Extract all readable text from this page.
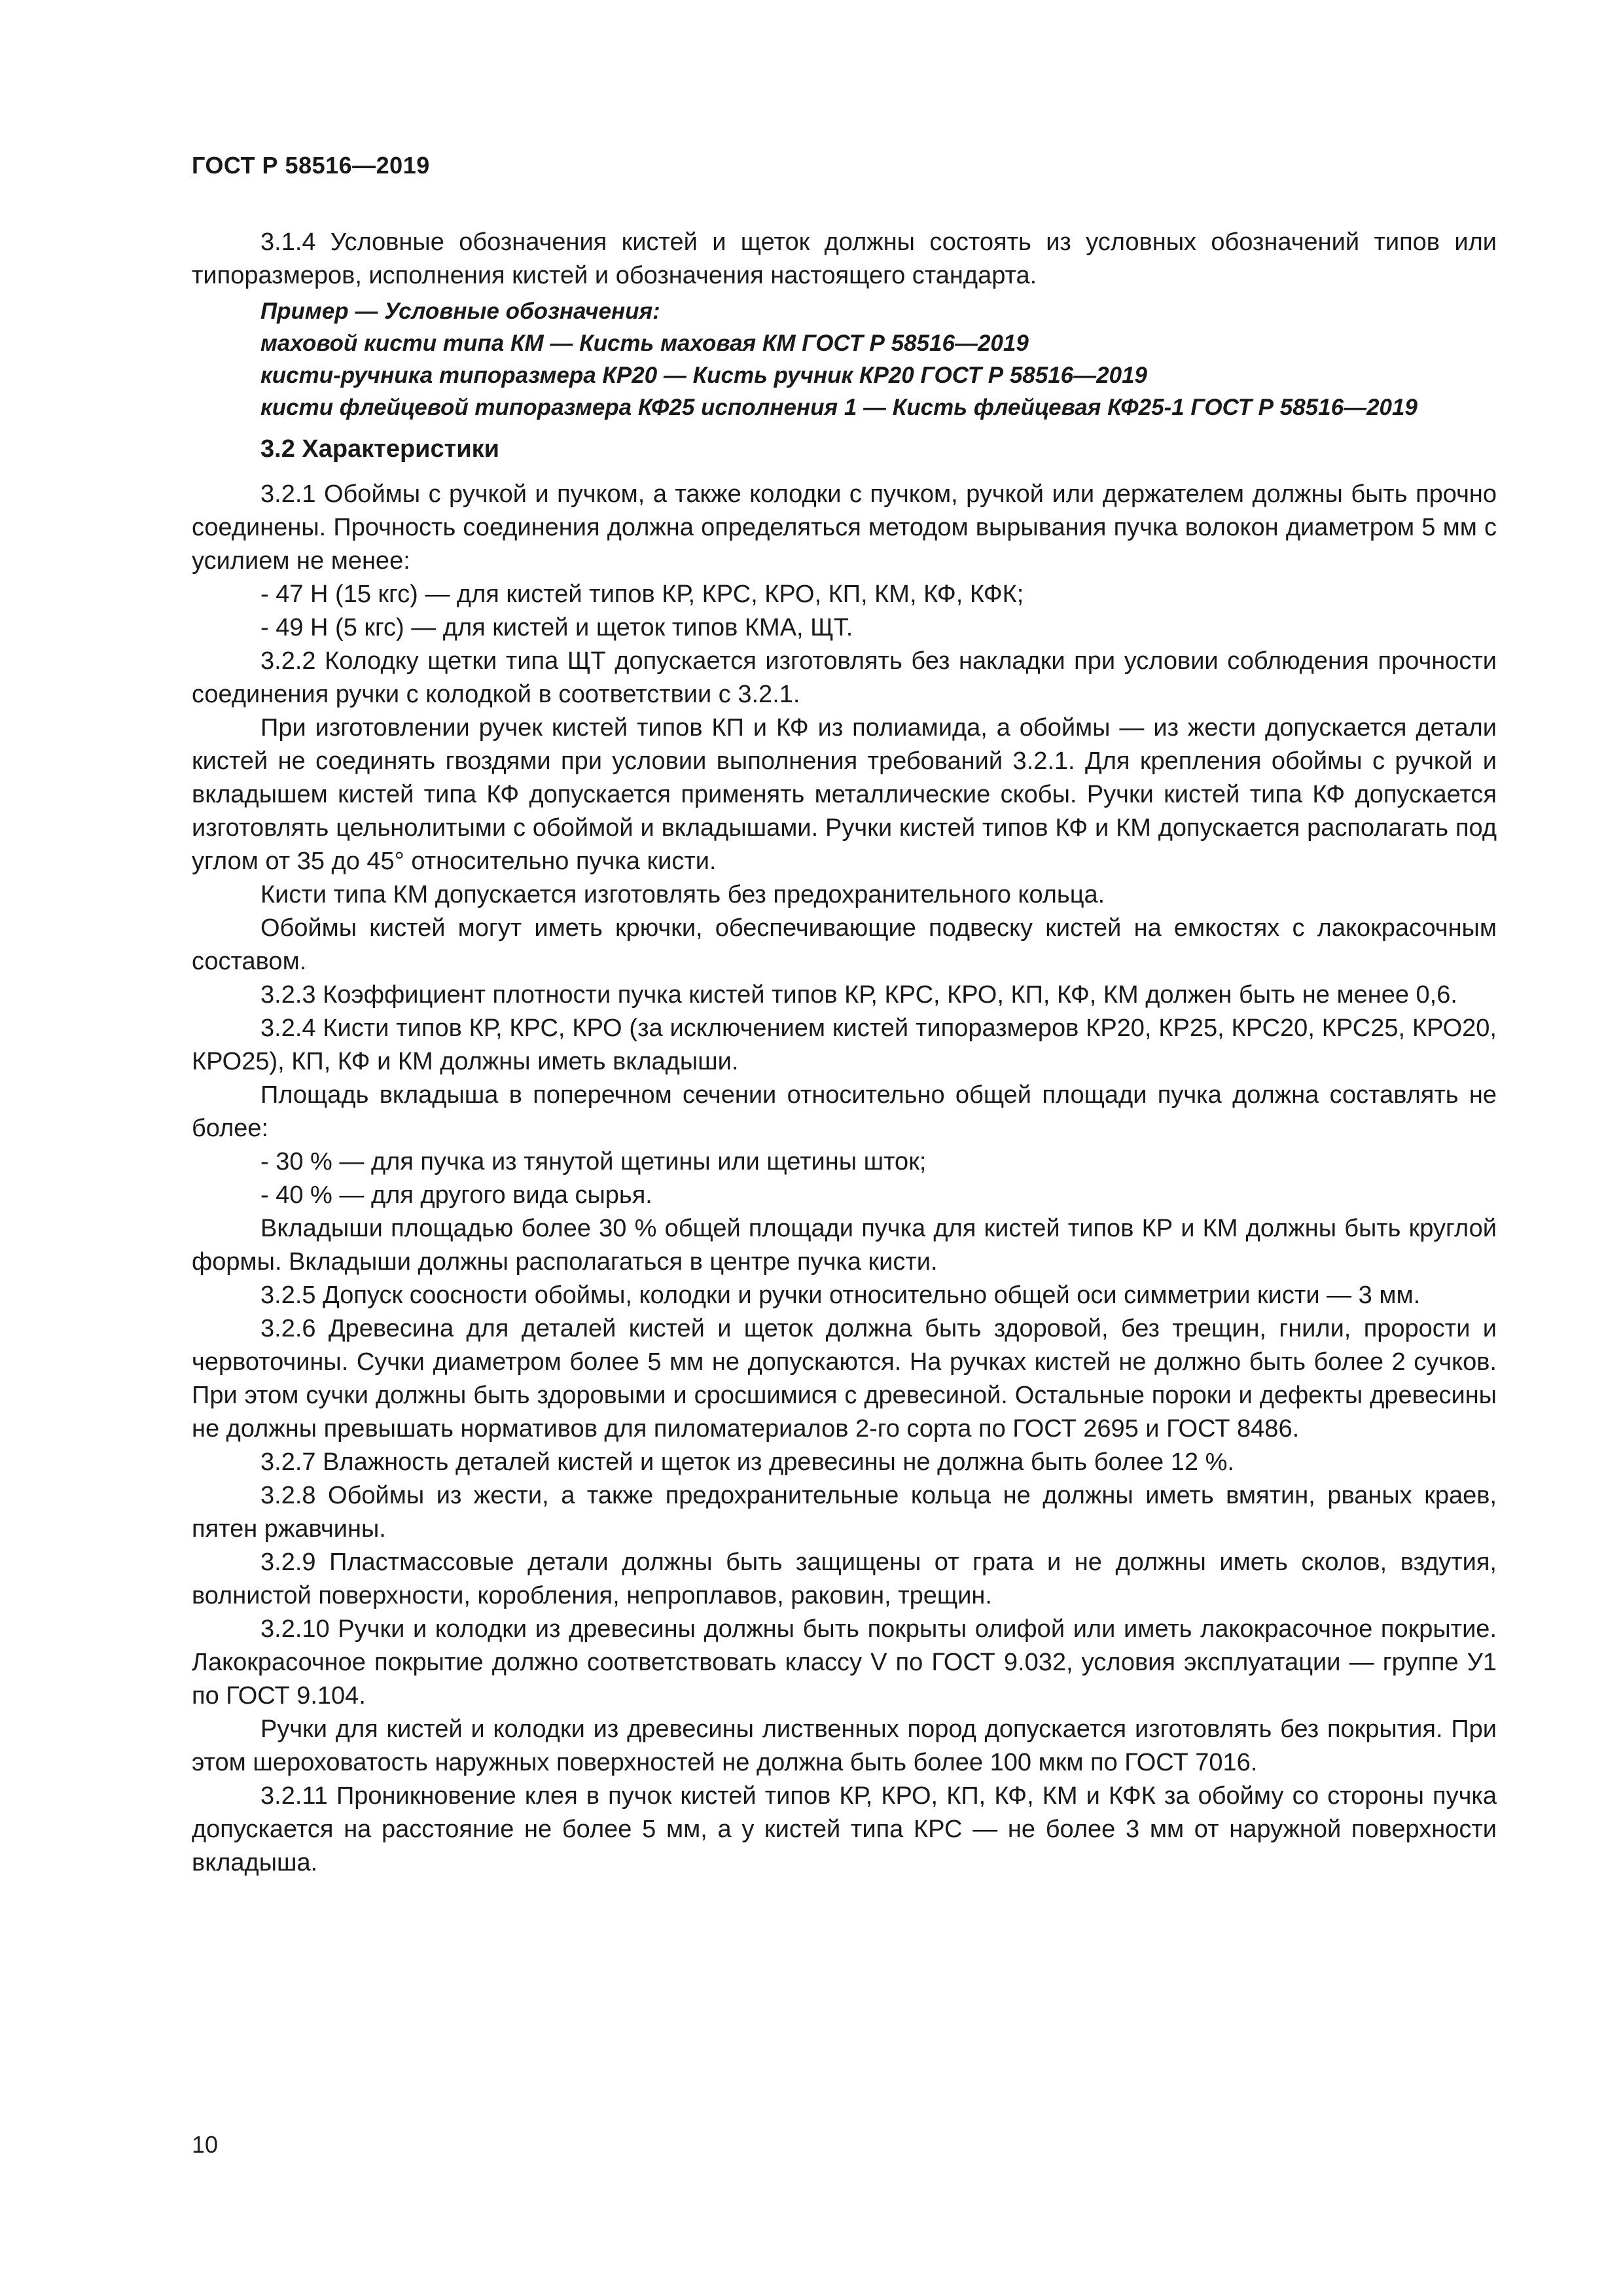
ГОСТ Р 58516—2019

3.1.4 Условные обозначения кистей и щеток должны состоять из условных обозначений типов или типоразмеров, исполнения кистей и обозначения настоящего стандарта.

Пример — Условные обозначения:

маховой кисти типа КМ — Кисть маховая КМ ГОСТ Р 58516—2019

кисти-ручника типоразмера КР20 — Кисть ручник КР20 ГОСТ Р 58516—2019

кисти флейцевой типоразмера КФ25 исполнения 1 — Кисть флейцевая КФ25-1 ГОСТ Р 58516—2019

3.2 Характеристики

3.2.1 Обоймы с ручкой и пучком, а также колодки с пучком, ручкой или держателем должны быть прочно соединены. Прочность соединения должна определяться методом вырывания пучка волокон диаметром 5 мм с усилием не менее:

- 47 Н (15 кгс) — для кистей типов КР, КРС, КРО, КП, КМ, КФ, КФК;

- 49 Н (5 кгс) — для кистей и щеток типов КМА, ЩТ.

3.2.2 Колодку щетки типа ЩТ допускается изготовлять без накладки при условии соблюдения прочности соединения ручки с колодкой в соответствии с 3.2.1.

При изготовлении ручек кистей типов КП и КФ из полиамида, а обоймы — из жести допускается детали кистей не соединять гвоздями при условии выполнения требований 3.2.1. Для крепления обоймы с ручкой и вкладышем кистей типа КФ допускается применять металлические скобы. Ручки кистей типа КФ допускается изготовлять цельнолитыми с обоймой и вкладышами. Ручки кистей типов КФ и КМ допускается располагать под углом от 35 до 45° относительно пучка кисти.

Кисти типа КМ допускается изготовлять без предохранительного кольца.

Обоймы кистей могут иметь крючки, обеспечивающие подвеску кистей на емкостях с лакокрасочным составом.

3.2.3 Коэффициент плотности пучка кистей типов КР, КРС, КРО, КП, КФ, КМ должен быть не менее 0,6.

3.2.4 Кисти типов КР, КРС, КРО (за исключением кистей типоразмеров КР20, КР25, КРС20, КРС25, КРО20, КРО25), КП, КФ и КМ должны иметь вкладыши.

Площадь вкладыша в поперечном сечении относительно общей площади пучка должна составлять не более:

- 30 % — для пучка из тянутой щетины или щетины шток;

- 40 % — для другого вида сырья.

Вкладыши площадью более 30 % общей площади пучка для кистей типов КР и КМ должны быть круглой формы. Вкладыши должны располагаться в центре пучка кисти.

3.2.5 Допуск соосности обоймы, колодки и ручки относительно общей оси симметрии кисти — 3 мм.

3.2.6 Древесина для деталей кистей и щеток должна быть здоровой, без трещин, гнили, прорости и червоточины. Сучки диаметром более 5 мм не допускаются. На ручках кистей не должно быть более 2 сучков. При этом сучки должны быть здоровыми и сросшимися с древесиной. Остальные пороки и дефекты древесины не должны превышать нормативов для пиломатериалов 2-го сорта по ГОСТ 2695 и ГОСТ 8486.

3.2.7 Влажность деталей кистей и щеток из древесины не должна быть более 12 %.

3.2.8 Обоймы из жести, а также предохранительные кольца не должны иметь вмятин, рваных краев, пятен ржавчины.

3.2.9 Пластмассовые детали должны быть защищены от грата и не должны иметь сколов, вздутия, волнистой поверхности, коробления, непроплавов, раковин, трещин.

3.2.10 Ручки и колодки из древесины должны быть покрыты олифой или иметь лакокрасочное покрытие. Лакокрасочное покрытие должно соответствовать классу V по ГОСТ 9.032, условия эксплуатации — группе У1 по ГОСТ 9.104.

Ручки для кистей и колодки из древесины лиственных пород допускается изготовлять без покрытия. При этом шероховатость наружных поверхностей не должна быть более 100 мкм по ГОСТ 7016.

3.2.11 Проникновение клея в пучок кистей типов КР, КРО, КП, КФ, КМ и КФК за обойму со стороны пучка допускается на расстояние не более 5 мм, а у кистей типа КРС — не более 3 мм от наружной поверхности вкладыша.

10
